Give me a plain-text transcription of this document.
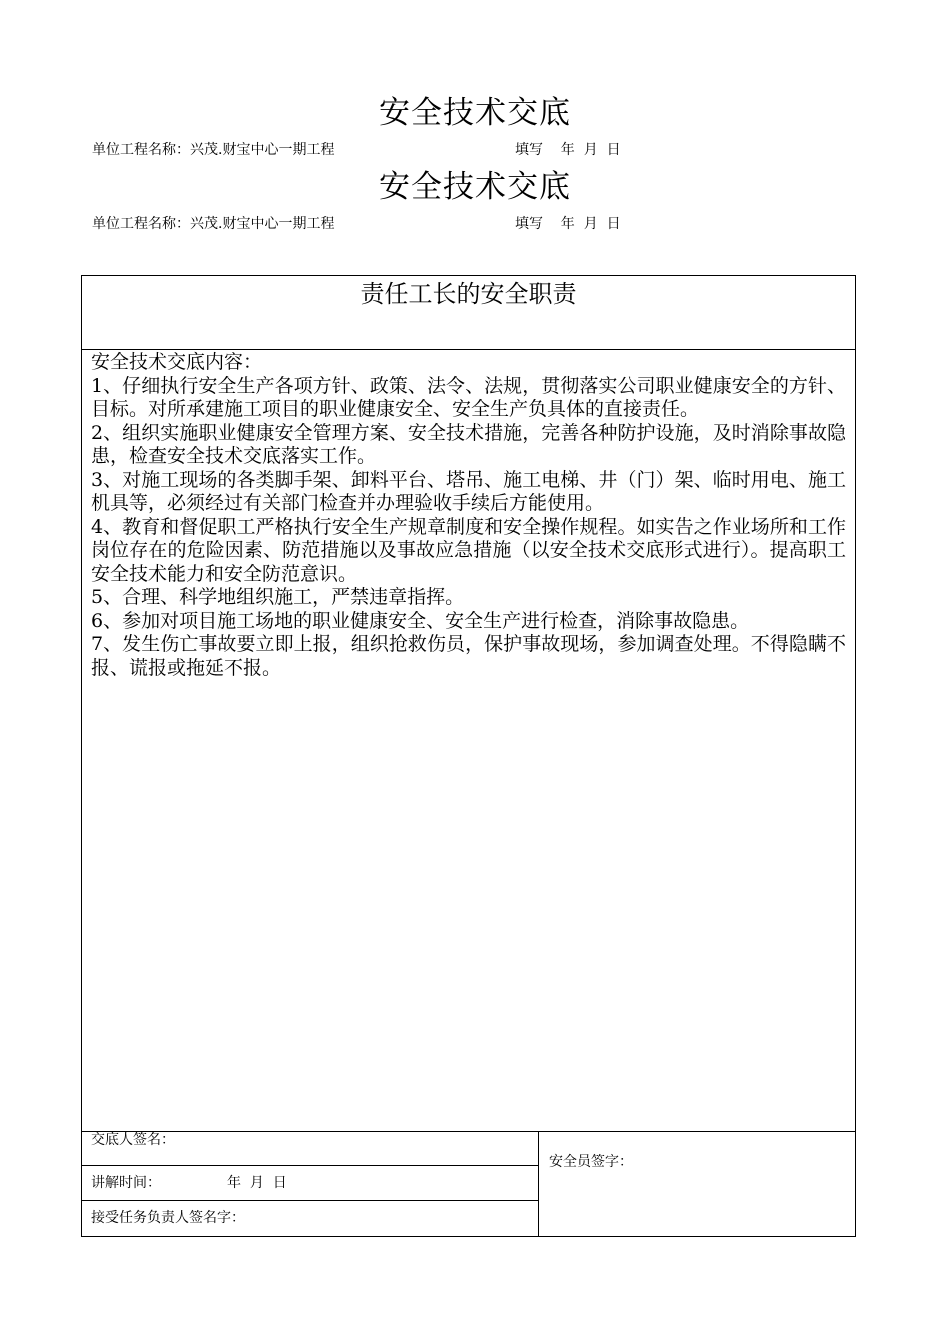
安全技术交底
单位工程名称：兴茂.财宝中心一期工程	填写    年  月  日
安全技术交底
单位工程名称：兴茂.财宝中心一期工程	填写    年  月  日
责任工长的安全职责

安全技术交底内容：

1、仔细执行安全生产各项方针、政策、法令、法规，贯彻落实公司职业健康安全的方针、目标。对所承建施工项目的职业健康安全、安全生产负具体的直接责任。

2、组织实施职业健康安全管理方案、安全技术措施，完善各种防护设施，及时消除事故隐患，检查安全技术交底落实工作。

3、对施工现场的各类脚手架、卸料平台、塔吊、施工电梯、井（门）架、临时用电、施工机具等，必须经过有关部门检查并办理验收手续后方能使用。

4、教育和督促职工严格执行安全生产规章制度和安全操作规程。如实告之作业场所和工作岗位存在的危险因素、防范措施以及事故应急措施（以安全技术交底形式进行）。提高职工安全技术能力和安全防范意识。

5、合理、科学地组织施工，严禁违章指挥。

6、参加对项目施工场地的职业健康安全、安全生产进行检查，消除事故隐患。

7、发生伤亡事故要立即上报，组织抢救伤员，保护事故现场，参加调查处理。不得隐瞒不报、谎报或拖延不报。

交底人签名：
讲解时间：	年  月  日
接受任务负责人签名字：
安全员签字：
